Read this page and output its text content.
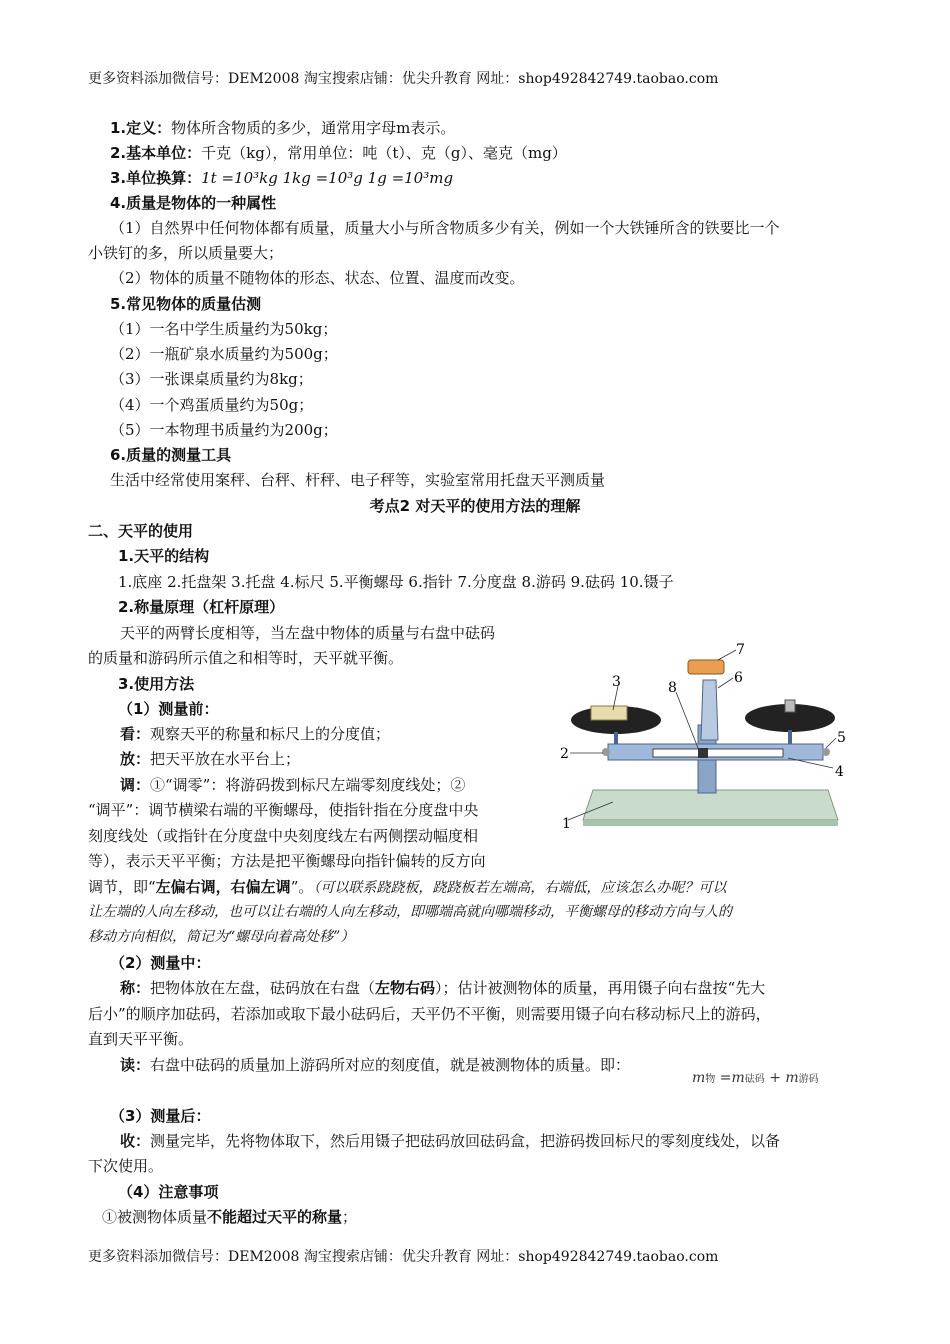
更多资料添加微信号：DEM2008 淘宝搜索店铺：优尖升教育 网址：shop492842749.taobao.com
1.定义：物体所含物质的多少，通常用字母m表示。
2.基本单位：千克（kg），常用单位：吨（t）、克（g）、毫克（mg）
3.单位换算：1t =10³kg 1kg =10³g 1g =10³mg
4.质量是物体的一种属性
（1）自然界中任何物体都有质量，质量大小与所含物质多少有关，例如一个大铁锤所含的铁要比一个
小铁钉的多，所以质量要大；
（2）物体的质量不随物体的形态、状态、位置、温度而改变。
5.常见物体的质量估测
（1）一名中学生质量约为50kg；
（2）一瓶矿泉水质量约为500g；
（3）一张课桌质量约为8kg；
（4）一个鸡蛋质量约为50g；
（5）一本物理书质量约为200g；
6.质量的测量工具
生活中经常使用案秤、台秤、杆秤、电子秤等，实验室常用托盘天平测质量
考点2 对天平的使用方法的理解
二、天平的使用
1.天平的结构
1.底座 2.托盘架 3.托盘 4.标尺 5.平衡螺母 6.指针 7.分度盘 8.游码 9.砝码 10.镊子
2.称量原理（杠杆原理）
天平的两臂长度相等，当左盘中物体的质量与右盘中砝码
的质量和游码所示值之和相等时，天平就平衡。
3.使用方法
（1）测量前：
看：观察天平的称量和标尺上的分度值；
放：把天平放在水平台上；
调：①“调零”：将游码拨到标尺左端零刻度线处；②
“调平”：调节横梁右端的平衡螺母，使指针指在分度盘中央
刻度线处（或指针在分度盘中央刻度线左右两侧摆动幅度相
等），表示天平平衡；方法是把平衡螺母向指针偏转的反方向
调节，即“左偏右调，右偏左调”。（可以联系跷跷板，跷跷板若左端高，右端低，应该怎么办呢？可以
让左端的人向左移动，也可以让右端的人向左移动，即哪端高就向哪端移动，平衡螺母的移动方向与人的
移动方向相似，简记为“螺母向着高处移”）
（2）测量中：
称：把物体放在左盘，砝码放在右盘（左物右码）；估计被测物体的质量，再用镊子向右盘按“先大
后小”的顺序加砝码，若添加或取下最小砝码后，天平仍不平衡，则需要用镊子向右移动标尺上的游码，
直到天平平衡。
读：右盘中砝码的质量加上游码所对应的刻度值，就是被测物体的质量。即：
m物 =m砝码 + m游码
（3）测量后：
收：测量完毕，先将物体取下，然后用镊子把砝码放回砝码盒，把游码拨回标尺的零刻度线处，以备
下次使用。
（4）注意事项
①被测物体质量不能超过天平的称量；
更多资料添加微信号：DEM2008 淘宝搜索店铺：优尖升教育 网址：shop492842749.taobao.com
1
2
3
4
5
6
7
8
